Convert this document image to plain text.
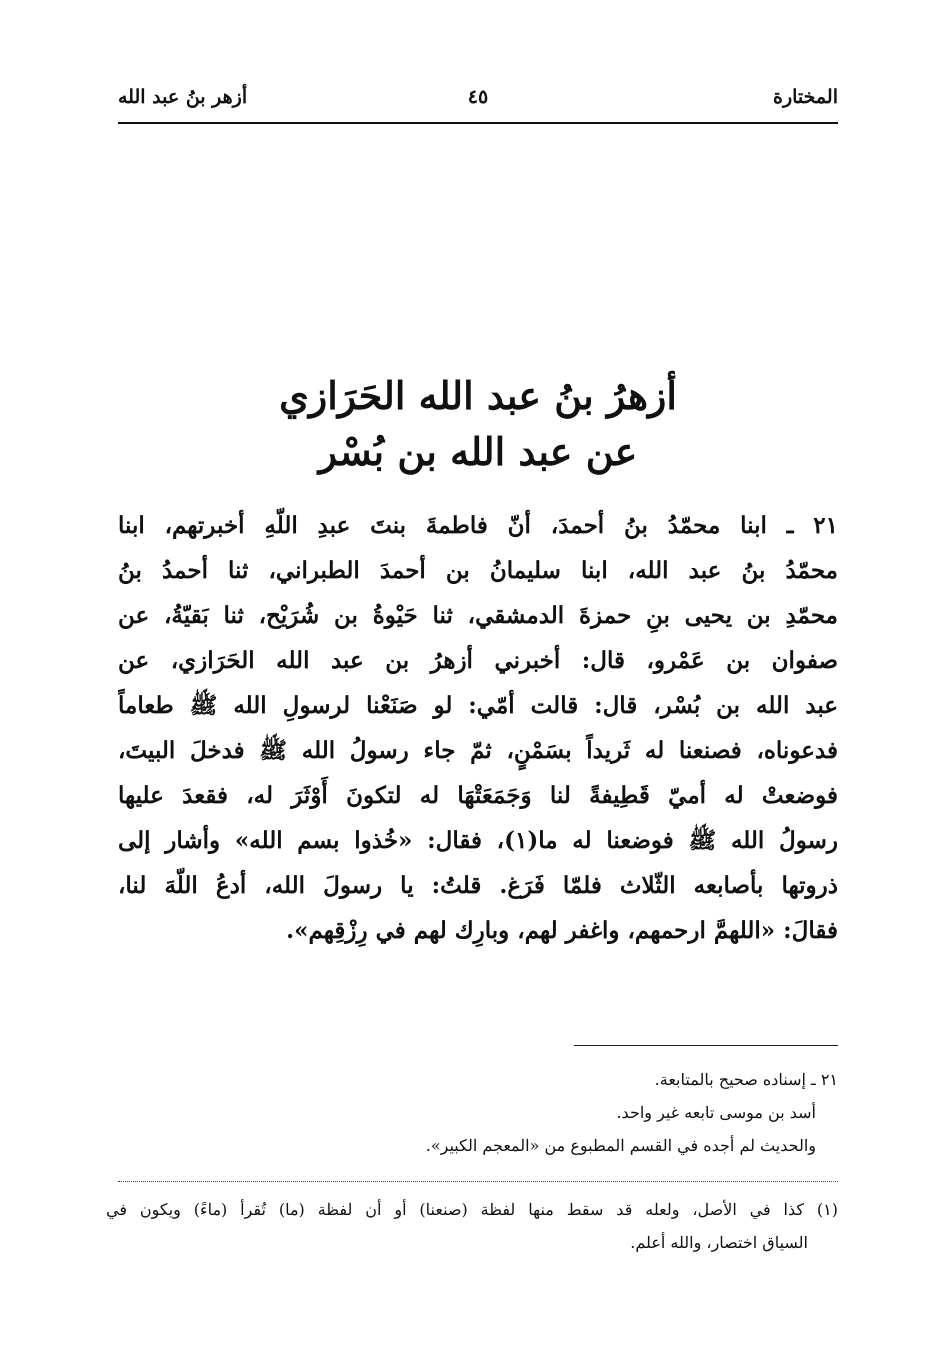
المختارة
٤٥
أزهر بنُ عبد الله
أزهرُ بنُ عبد الله الحَرَازي
عن عبد الله بن بُسْر
٢١ ـ ابنا محمّدُ بنُ أحمدَ، أنّ فاطمةَ بنتَ عبدِ اللّهِ أخبرتهم، ابنا
محمّدُ بنُ عبد الله، ابنا سليمانُ بن أحمدَ الطبراني، ثنا أحمدُ بنُ
محمّدِ بن يحيى بنِ حمزةَ الدمشقي، ثنا حَيْوةُ بن شُرَيْح، ثنا بَقيّةُ، عن
صفوان بن عَمْرو، قال: أخبرني أزهرُ بن عبد الله الحَرَازي، عن
عبد الله بن بُسْر، قال: قالت أمّي: لو صَنَعْنا لرسولِ الله ﷺ طعاماً
فدعوناه، فصنعنا له ثَريداً بسَمْنٍ، ثمّ جاء رسولُ الله ﷺ فدخلَ البيتَ،
فوضعتْ له أميّ قَطِيفةً لنا وَجَمَعَتْهَا له لتكونَ أَوْثَرَ له، فقعدَ عليها
رسولُ الله ﷺ فوضعنا له ما(١)، فقال: «خُذوا بسم الله» وأشار إلى
ذروتها بأصابعه الثّلاث فلمّا فَرَغ. قلتُ: يا رسولَ الله، أدعُ اللّهَ لنا،
فقالَ: «اللهمَّ ارحمهم، واغفر لهم، وبارِك لهم في رِزْقِهم».
٢١ ـ إسناده صحيح بالمتابعة.
أسد بن موسى تابعه غير واحد.
والحديث لم أجده في القسم المطبوع من «المعجم الكبير».
(١) كذا في الأصل، ولعله قد سقط منها لفظة (صنعنا) أو أن لفظة (ما) تُقرأ (ماءً) ويكون في
السياق اختصار، والله أعلم.
